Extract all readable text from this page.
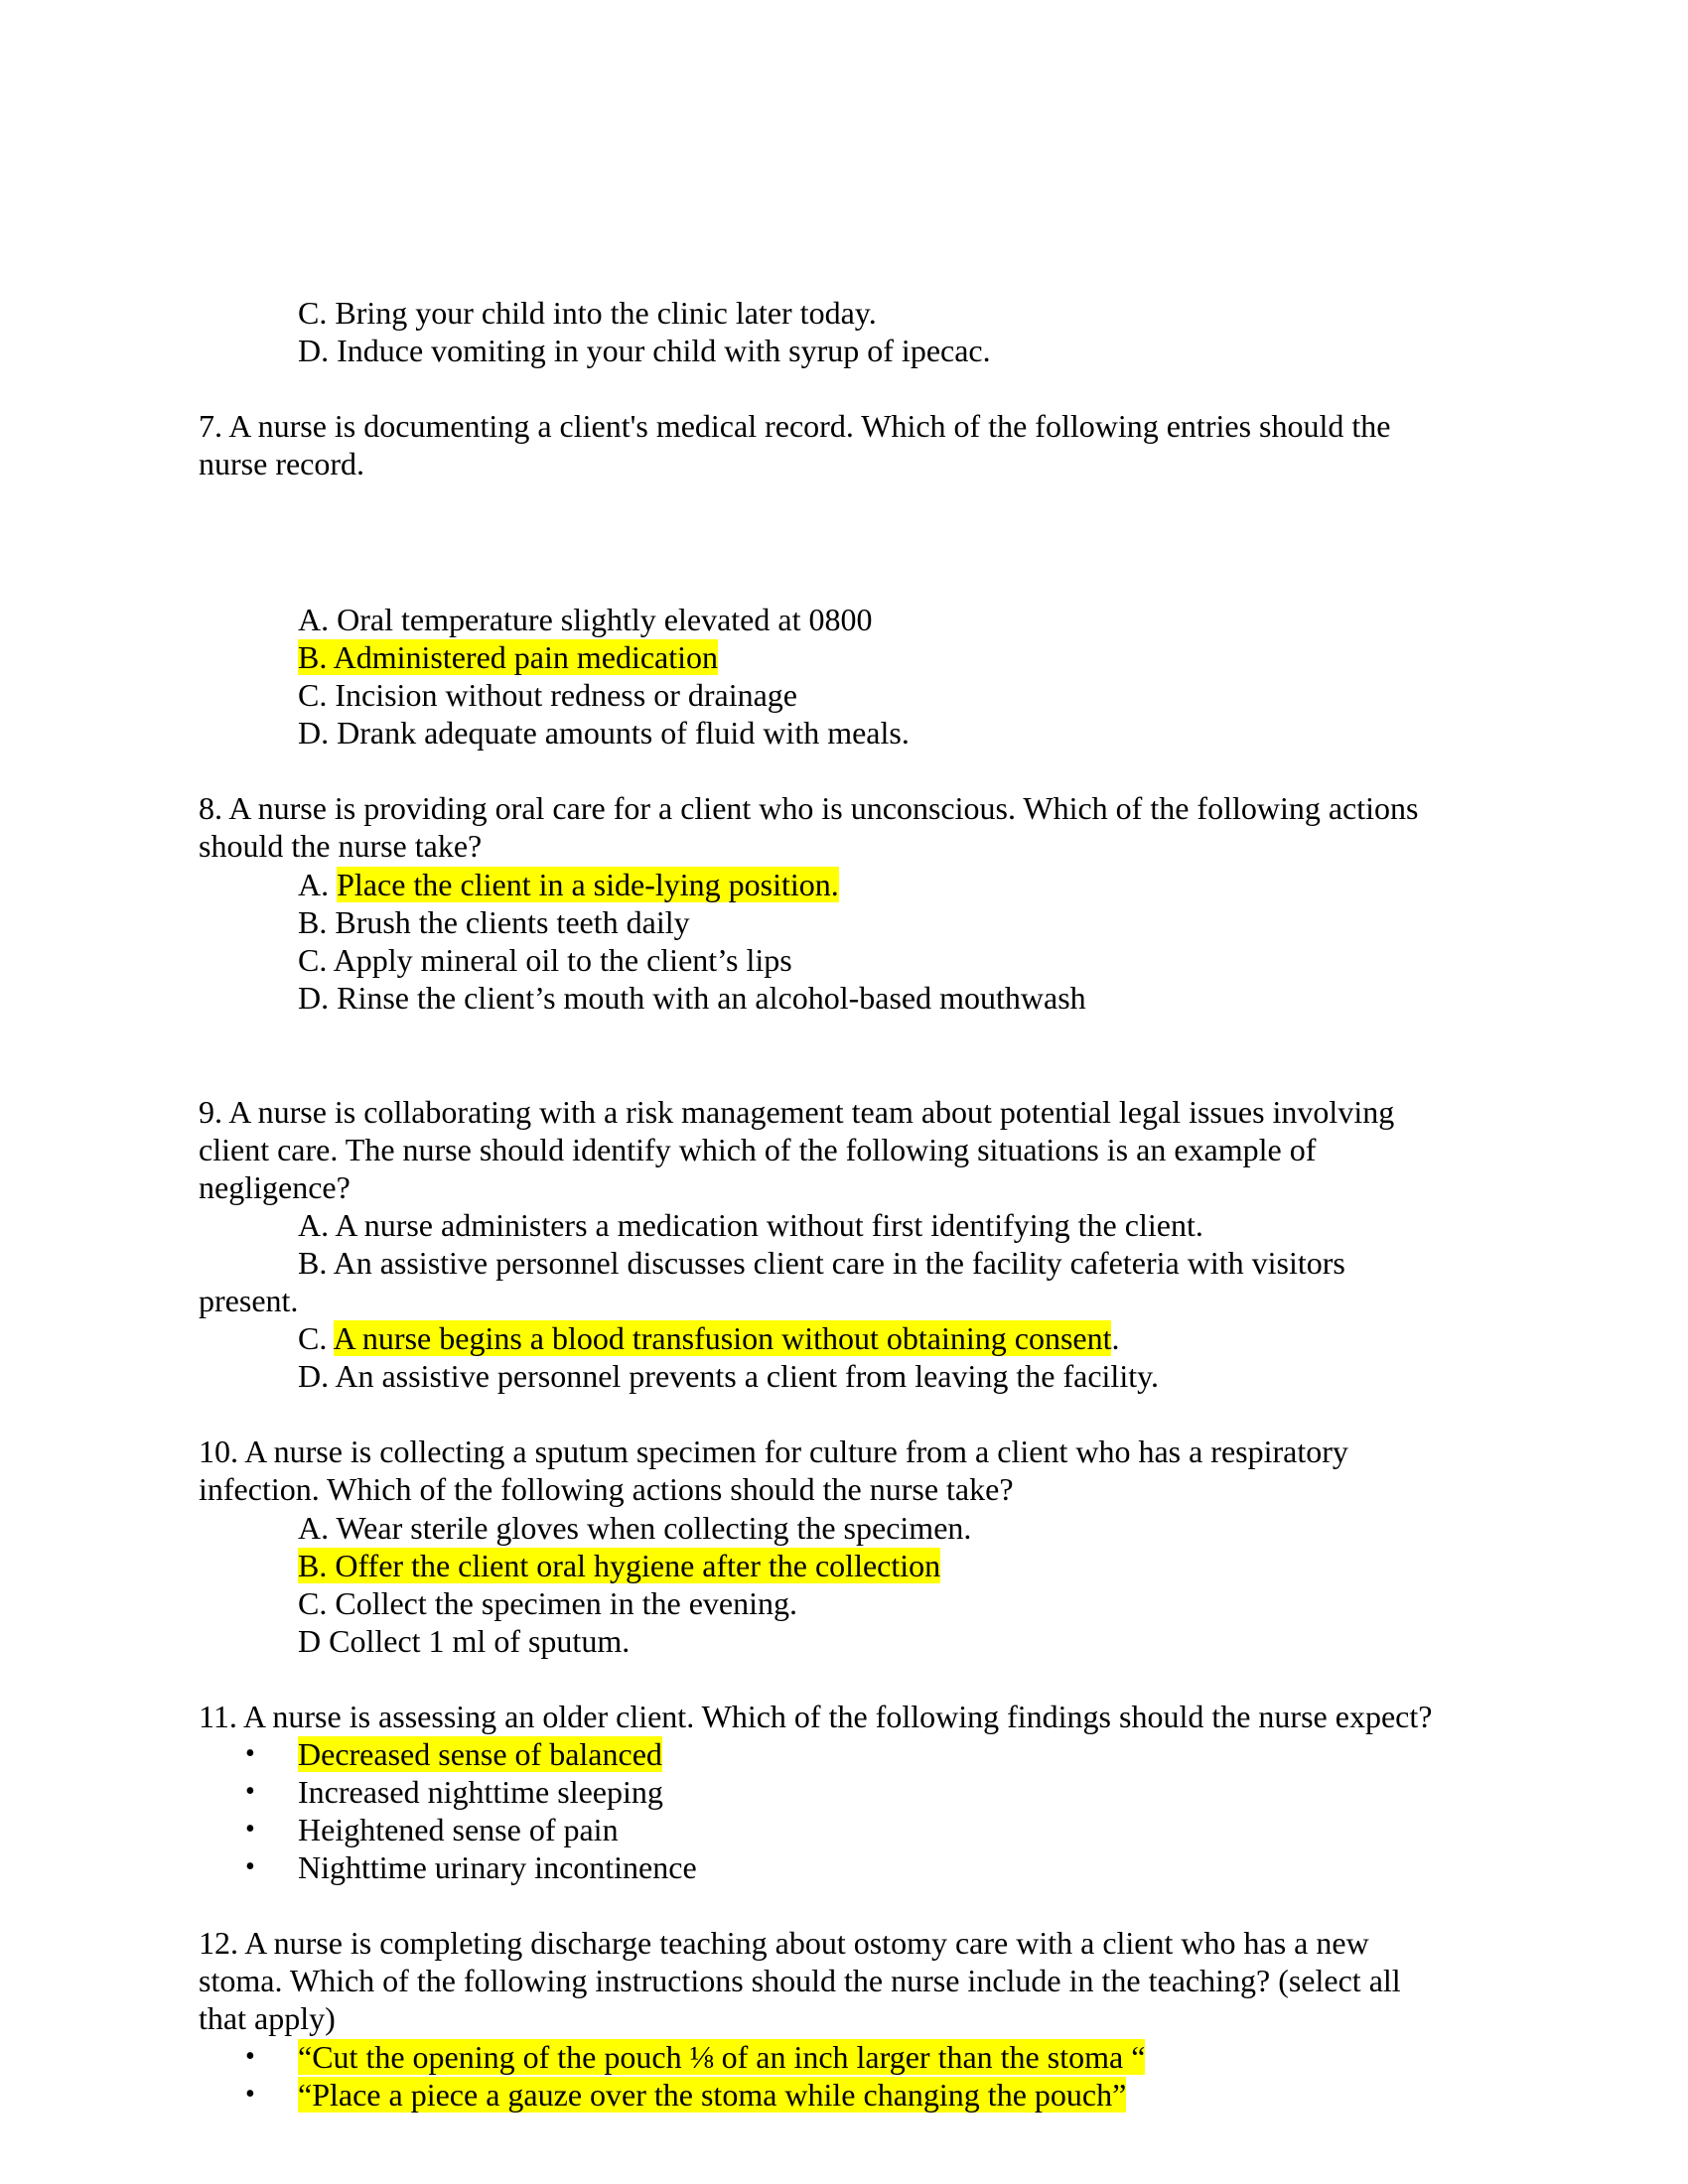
C. Bring your child into the clinic later today.
D. Induce vomiting in your child with syrup of ipecac.
7. A nurse is documenting a client's medical record. Which of the following entries should the
nurse record.
A. Oral temperature slightly elevated at 0800
B. Administered pain medication
C. Incision without redness or drainage
D. Drank adequate amounts of fluid with meals.
8. A nurse is providing oral care for a client who is unconscious. Which of the following actions
should the nurse take?
A. Place the client in a side-lying position.
B. Brush the clients teeth daily
C. Apply mineral oil to the client’s lips
D. Rinse the client’s mouth with an alcohol-based mouthwash
9. A nurse is collaborating with a risk management team about potential legal issues involving
client care. The nurse should identify which of the following situations is an example of
negligence?
A. A nurse administers a medication without first identifying the client.
B. An assistive personnel discusses client care in the facility cafeteria with visitors
present.
C. A nurse begins a blood transfusion without obtaining consent.
D. An assistive personnel prevents a client from leaving the facility.
10. A nurse is collecting a sputum specimen for culture from a client who has a respiratory
infection. Which of the following actions should the nurse take?
A. Wear sterile gloves when collecting the specimen.
B. Offer the client oral hygiene after the collection
C. Collect the specimen in the evening.
D Collect 1 ml of sputum.
11. A nurse is assessing an older client. Which of the following findings should the nurse expect?
• Decreased sense of balanced
• Increased nighttime sleeping
• Heightened sense of pain
• Nighttime urinary incontinence
12. A nurse is completing discharge teaching about ostomy care with a client who has a new
stoma. Which of the following instructions should the nurse include in the teaching? (select all
that apply)
• “Cut the opening of the pouch ⅛ of an inch larger than the stoma “
• “Place a piece a gauze over the stoma while changing the pouch”
